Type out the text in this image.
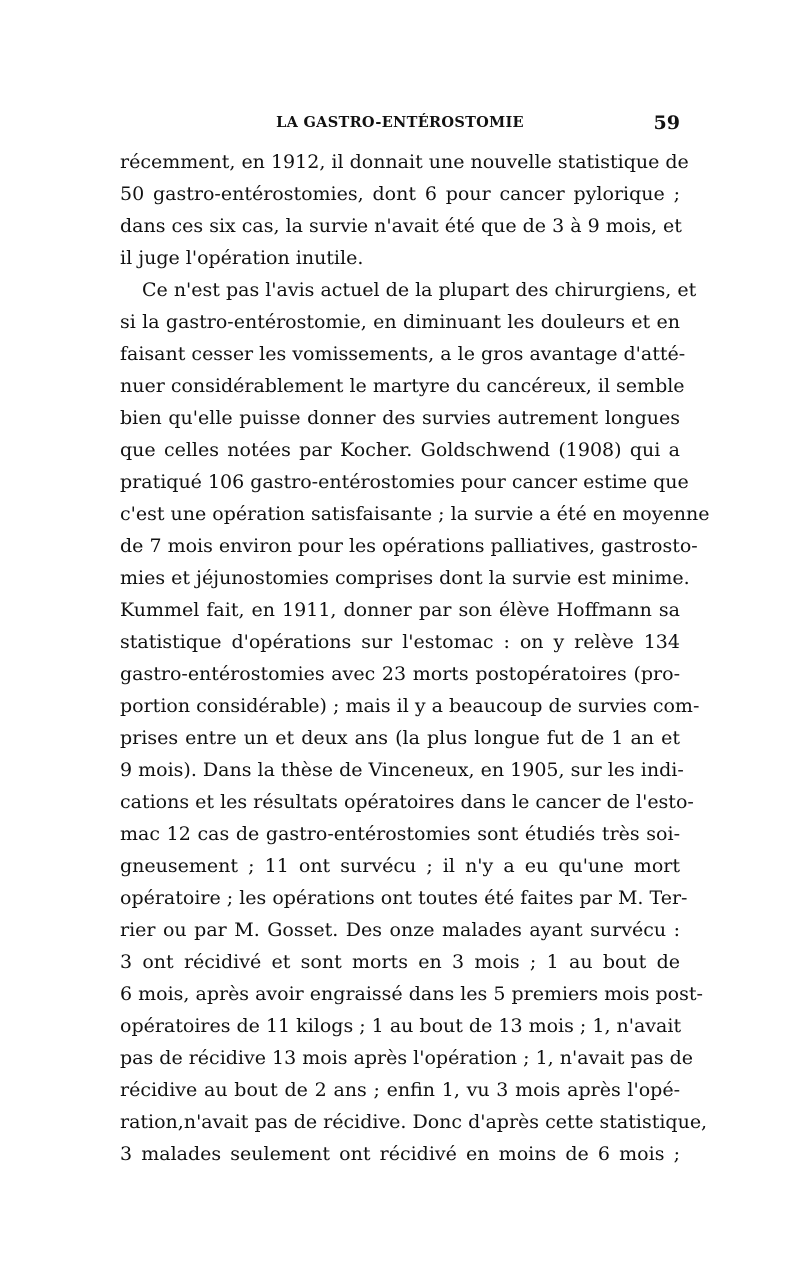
LA GASTRO-ENTÉROSTOMIE	59
récemment, en 1912, il donnait une nouvelle statistique de
50 gastro-entérostomies, dont 6 pour cancer pylorique ;
dans ces six cas, la survie n'avait été que de 3 à 9 mois, et
il juge l'opération inutile.
Ce n'est pas l'avis actuel de la plupart des chirurgiens, et
si la gastro-entérostomie, en diminuant les douleurs et en
faisant cesser les vomissements, a le gros avantage d'atté-
nuer considérablement le martyre du cancéreux, il semble
bien qu'elle puisse donner des survies autrement longues
que celles notées par Kocher. Goldschwend (1908) qui a
pratiqué 106 gastro-entérostomies pour cancer estime que
c'est une opération satisfaisante ; la survie a été en moyenne
de 7 mois environ pour les opérations palliatives, gastrosto-
mies et jéjunostomies comprises dont la survie est minime.
Kummel fait, en 1911, donner par son élève Hoffmann sa
statistique d'opérations sur l'estomac : on y relève 134
gastro-entérostomies avec 23 morts postopératoires (pro-
portion considérable) ; mais il y a beaucoup de survies com-
prises entre un et deux ans (la plus longue fut de 1 an et
9 mois). Dans la thèse de Vinceneux, en 1905, sur les indi-
cations et les résultats opératoires dans le cancer de l'esto-
mac 12 cas de gastro-entérostomies sont étudiés très soi-
gneusement ; 11 ont survécu ; il n'y a eu qu'une mort
opératoire ; les opérations ont toutes été faites par M. Ter-
rier ou par M. Gosset. Des onze malades ayant survécu :
3 ont récidivé et sont morts en 3 mois ; 1 au bout de
6 mois, après avoir engraissé dans les 5 premiers mois post-
opératoires de 11 kilogs ; 1 au bout de 13 mois ; 1, n'avait
pas de récidive 13 mois après l'opération ; 1, n'avait pas de
récidive au bout de 2 ans ; enfin 1, vu 3 mois après l'opé-
ration,n'avait pas de récidive. Donc d'après cette statistique,
3 malades seulement ont récidivé en moins de 6 mois ;
